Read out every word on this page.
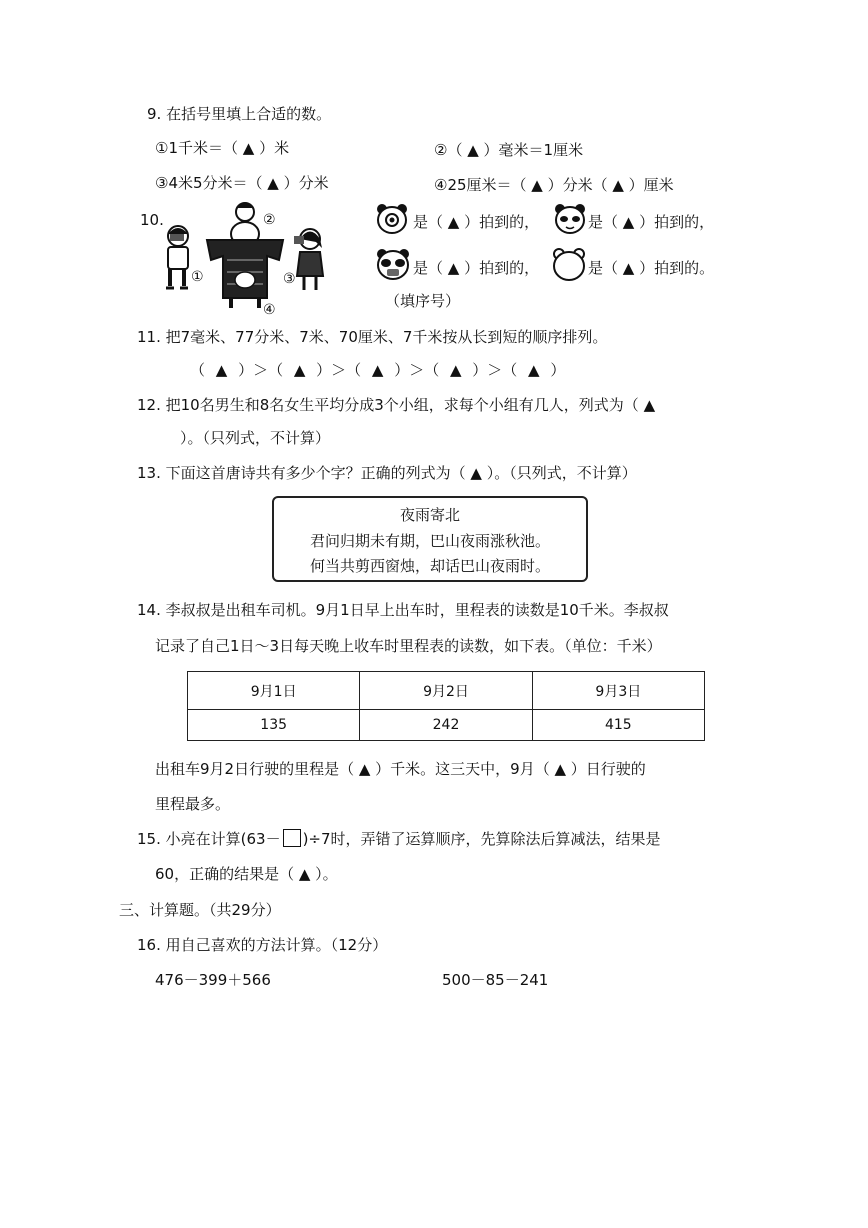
9. 在括号里填上合适的数。
①1千米＝（ ▲ ）米	②（ ▲ ）毫米＝1厘米
③4米5分米＝（ ▲ ）分米	④25厘米＝（ ▲ ）分米（ ▲ ）厘米
10.
①
②
④
③
是（ ▲ ）拍到的，	是（ ▲ ）拍到的，
是（ ▲ ）拍到的，	是（ ▲ ）拍到的。
（填序号）
11. 把7毫米、77分米、7米、70厘米、7千米按从长到短的顺序排列。
（ ▲ ）＞（ ▲ ）＞（ ▲ ）＞（ ▲ ）＞（ ▲ ）
12. 把10名男生和8名女生平均分成3个小组，求每个小组有几人，列式为（ ▲
）。（只列式，不计算）
13. 下面这首唐诗共有多少个字？正确的列式为（ ▲ ）。（只列式，不计算）
夜雨寄北
君问归期未有期，巴山夜雨涨秋池。
何当共剪西窗烛，却话巴山夜雨时。
14. 李叔叔是出租车司机。9月1日早上出车时，里程表的读数是10千米。李叔叔
记录了自己1日～3日每天晚上收车时里程表的读数，如下表。（单位：千米）
9月1日	9月2日	9月3日
135	242	415
出租车9月2日行驶的里程是（ ▲ ）千米。这三天中，9月（ ▲ ）日行驶的
里程最多。
15. 小亮在计算(63－ )÷7时，弄错了运算顺序，先算除法后算减法，结果是
60，正确的结果是（ ▲ ）。
三、计算题。（共29分）
16. 用自己喜欢的方法计算。（12分）
476－399＋566	500－85－241
